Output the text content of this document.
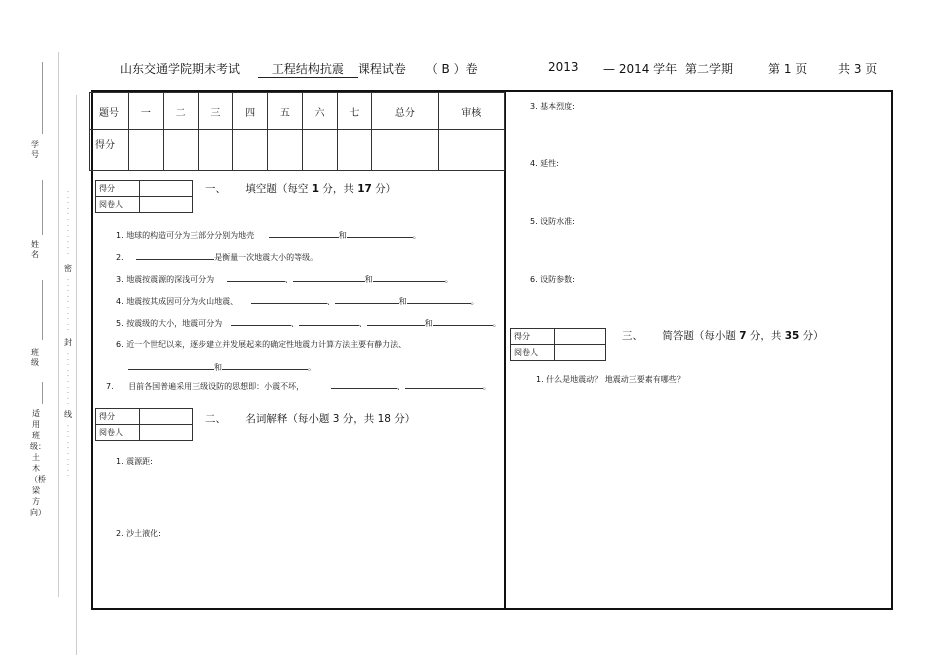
山东交通学院期末考试	工程结构抗震 课程试卷 （ B ）卷	2013 — 2014 学年 第二学期	第 1 页	共 3 页
学号
姓名
班级
适用班级：土木（桥梁方向）
·
·
·
·
·
·
·
·
·
·
·
·
密
·
·
·
·
·
·
·
·
·
·
封
·
·
·
·
·
·
·
·
·
·
线
·
·
·
·
·
·
·
·
·
·
题号	一	二	三	四	五	六	七	总分	审核
得分									
得分	
阅卷人	
一、 填空题（每空 1 分，共 17 分）
1. 地球的构造可分为三部分分别为地壳	和	。
2.	是衡量一次地震大小的等级。
3. 地震按震源的深浅可分为	、	和	。
4. 地震按其成因可分为火山地震、	、	和	。
5. 按震级的大小，地震可分为	、	、	和	。
6. 近一个世纪以来，逐步建立并发展起来的确定性地震力计算方法主要有静力法、
和	。
7. 目前各国普遍采用三级设防的思想即：小震不坏，	、	。
得分	
阅卷人	
二、 名词解释（每小题 3 分，共 18 分）
1. 震源距:
2. 沙土液化:
3. 基本烈度:
4. 延性:
5. 设防水准:
6. 设防参数:
得分	
阅卷人	
三、 简答题（每小题 7 分，共 35 分）
1. 什么是地震动？ 地震动三要素有哪些？
